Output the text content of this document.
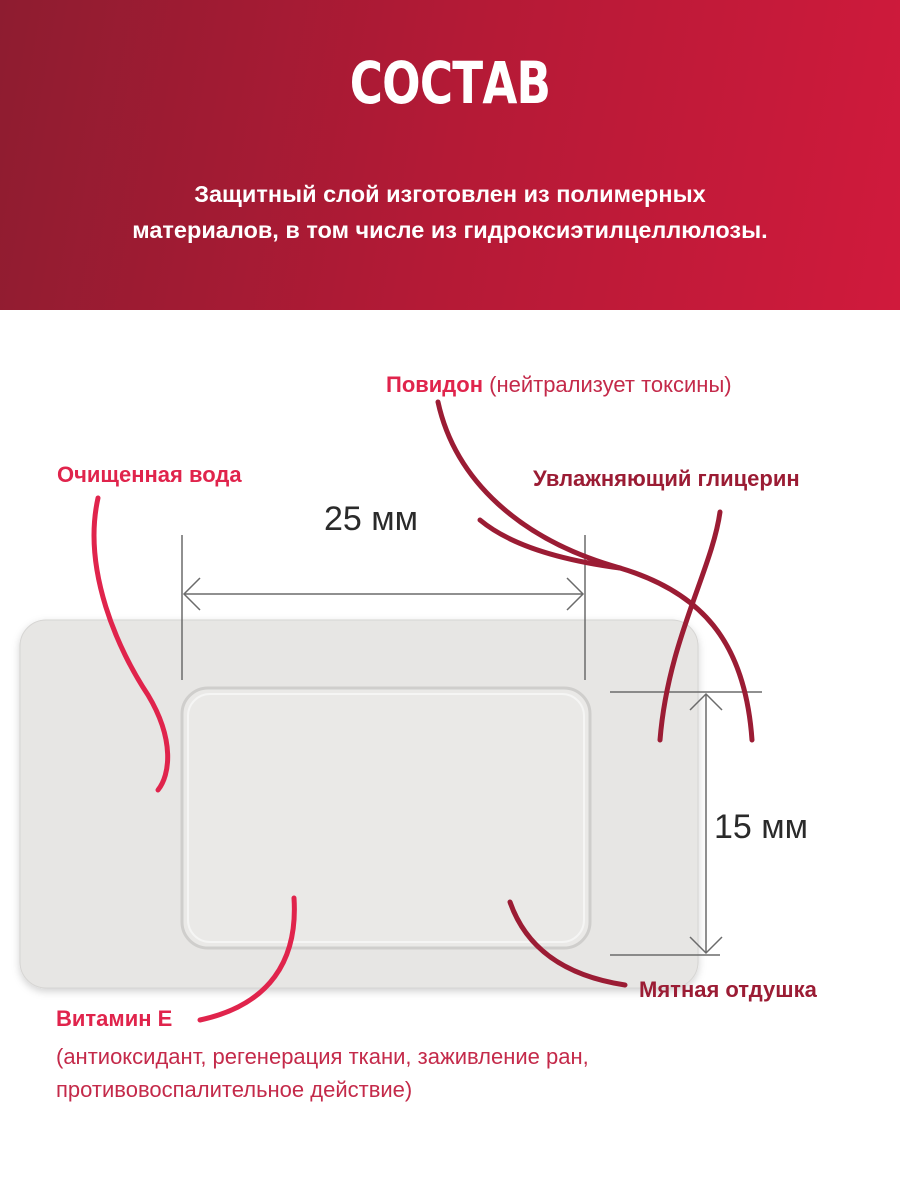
СОСТАВ
Защитный слой изготовлен из полимерных
материалов, в том числе из гидроксиэтилцеллюлозы.
Повидон (нейтрализует токсины)
Очищенная вода	Увлажняющий глицерин
25 мм
15 мм
Мятная отдушка
Витамин Е
(антиоксидант, регенерация ткани, заживление ран,
противовоспалительное действие)
